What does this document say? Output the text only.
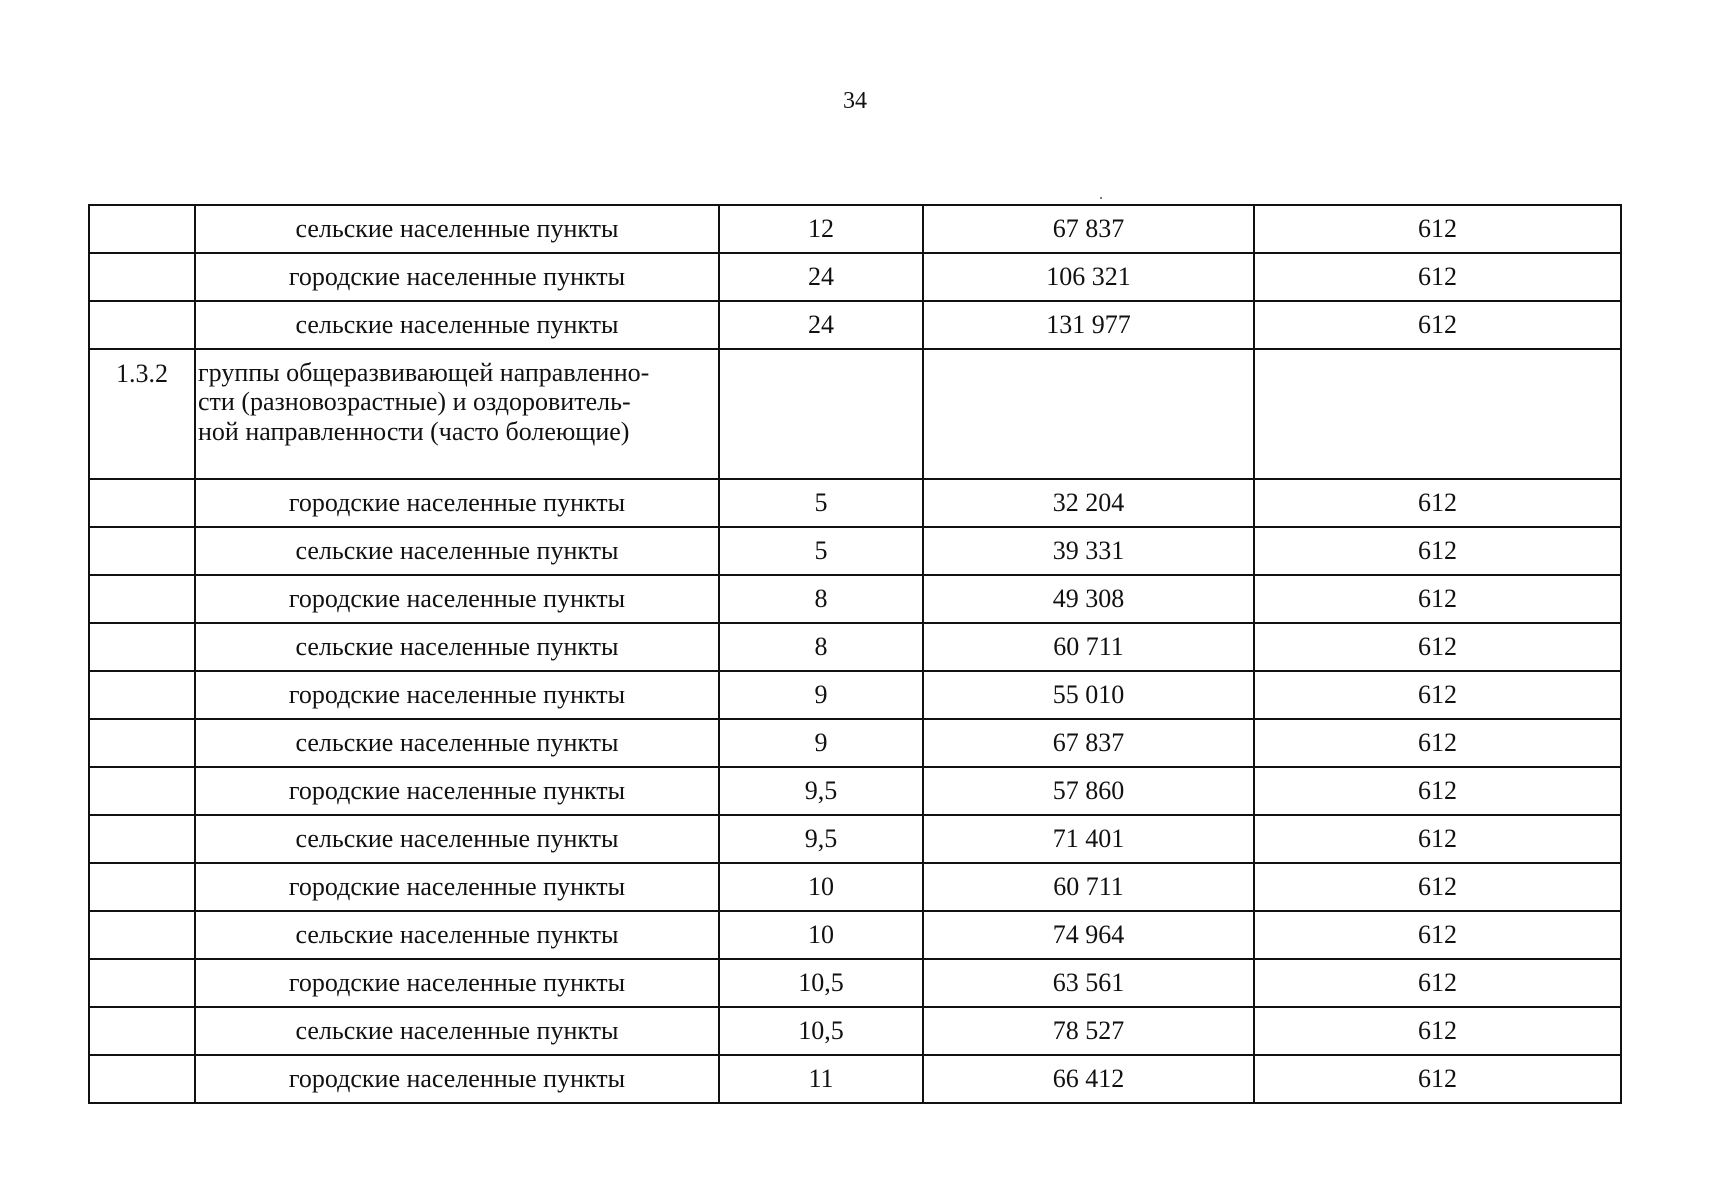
34
	сельские населенные пункты	12	67 837	612
	городские населенные пункты	24	106 321	612
	сельские населенные пункты	24	131 977	612
1.3.2	группы общеразвивающей направленно-
сти (разновозрастные) и оздоровитель-
ной направленности (часто болеющие)			
	городские населенные пункты	5	32 204	612
	сельские населенные пункты	5	39 331	612
	городские населенные пункты	8	49 308	612
	сельские населенные пункты	8	60 711	612
	городские населенные пункты	9	55 010	612
	сельские населенные пункты	9	67 837	612
	городские населенные пункты	9,5	57 860	612
	сельские населенные пункты	9,5	71 401	612
	городские населенные пункты	10	60 711	612
	сельские населенные пункты	10	74 964	612
	городские населенные пункты	10,5	63 561	612
	сельские населенные пункты	10,5	78 527	612
	городские населенные пункты	11	66 412	612
